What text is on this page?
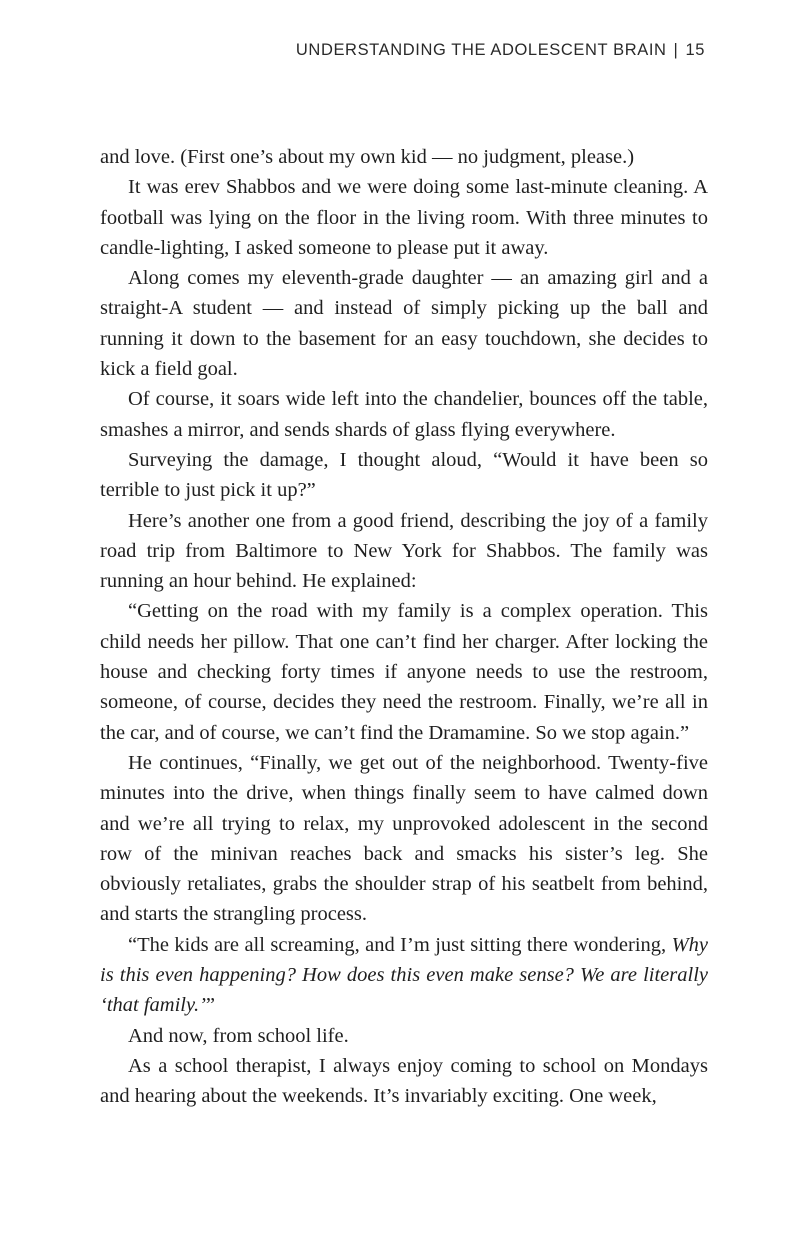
UNDERSTANDING THE ADOLESCENT BRAIN | 15

and love. (First one’s about my own kid — no judgment, please.)

It was erev Shabbos and we were doing some last-minute cleaning. A football was lying on the floor in the living room. With three minutes to candle-lighting, I asked someone to please put it away.

Along comes my eleventh-grade daughter — an amazing girl and a straight-A student — and instead of simply picking up the ball and running it down to the basement for an easy touchdown, she decides to kick a field goal.

Of course, it soars wide left into the chandelier, bounces off the table, smashes a mirror, and sends shards of glass flying everywhere.

Surveying the damage, I thought aloud, “Would it have been so terrible to just pick it up?”

Here’s another one from a good friend, describing the joy of a family road trip from Baltimore to New York for Shabbos. The family was running an hour behind. He explained:

“Getting on the road with my family is a complex operation. This child needs her pillow. That one can’t find her charger. After locking the house and checking forty times if anyone needs to use the restroom, someone, of course, decides they need the restroom. Finally, we’re all in the car, and of course, we can’t find the Dramamine. So we stop again.”

He continues, “Finally, we get out of the neighborhood. Twenty-five minutes into the drive, when things finally seem to have calmed down and we’re all trying to relax, my unprovoked adolescent in the second row of the minivan reaches back and smacks his sister’s leg. She obviously retaliates, grabs the shoulder strap of his seatbelt from behind, and starts the strangling process.

“The kids are all screaming, and I’m just sitting there wondering, Why is this even happening? How does this even make sense? We are literally ‘that family.’”

And now, from school life.

As a school therapist, I always enjoy coming to school on Mondays and hearing about the weekends. It’s invariably exciting. One week,
